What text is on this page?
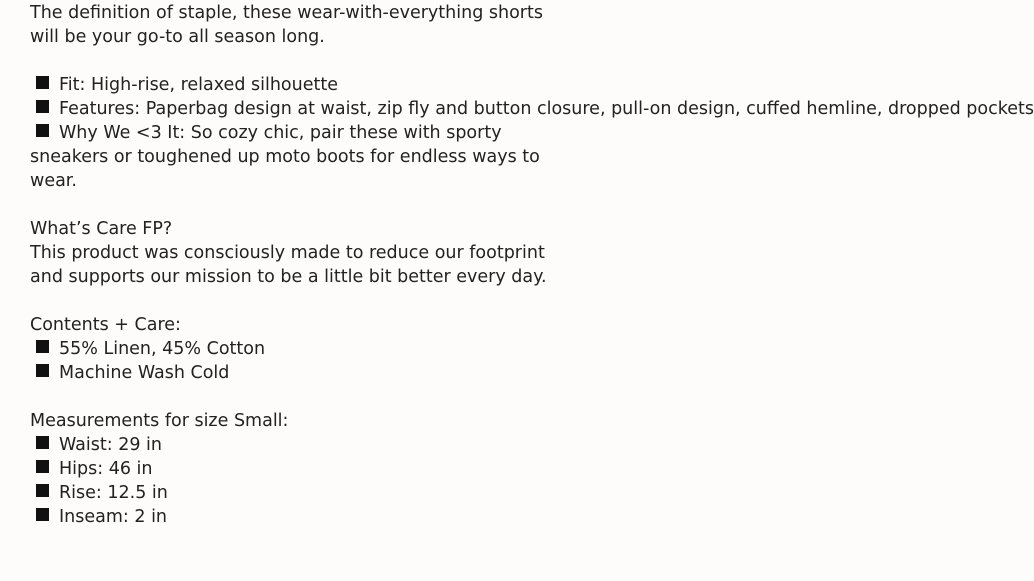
The definition of staple, these wear-with-everything shorts will be your go-to all season long.

Fit: High-rise, relaxed silhouette
Features: Paperbag design at waist, zip fly and button closure, pull-on design, cuffed hemline, dropped pockets
Why We <3 It: So cozy chic, pair these with sporty sneakers or toughened up moto boots for endless ways to wear.

What’s Care FP?

This product was consciously made to reduce our footprint and supports our mission to be a little bit better every day.

Contents + Care:

55% Linen, 45% Cotton
Machine Wash Cold

Measurements for size Small:

Waist: 29 in
Hips: 46 in
Rise: 12.5 in
Inseam: 2 in
